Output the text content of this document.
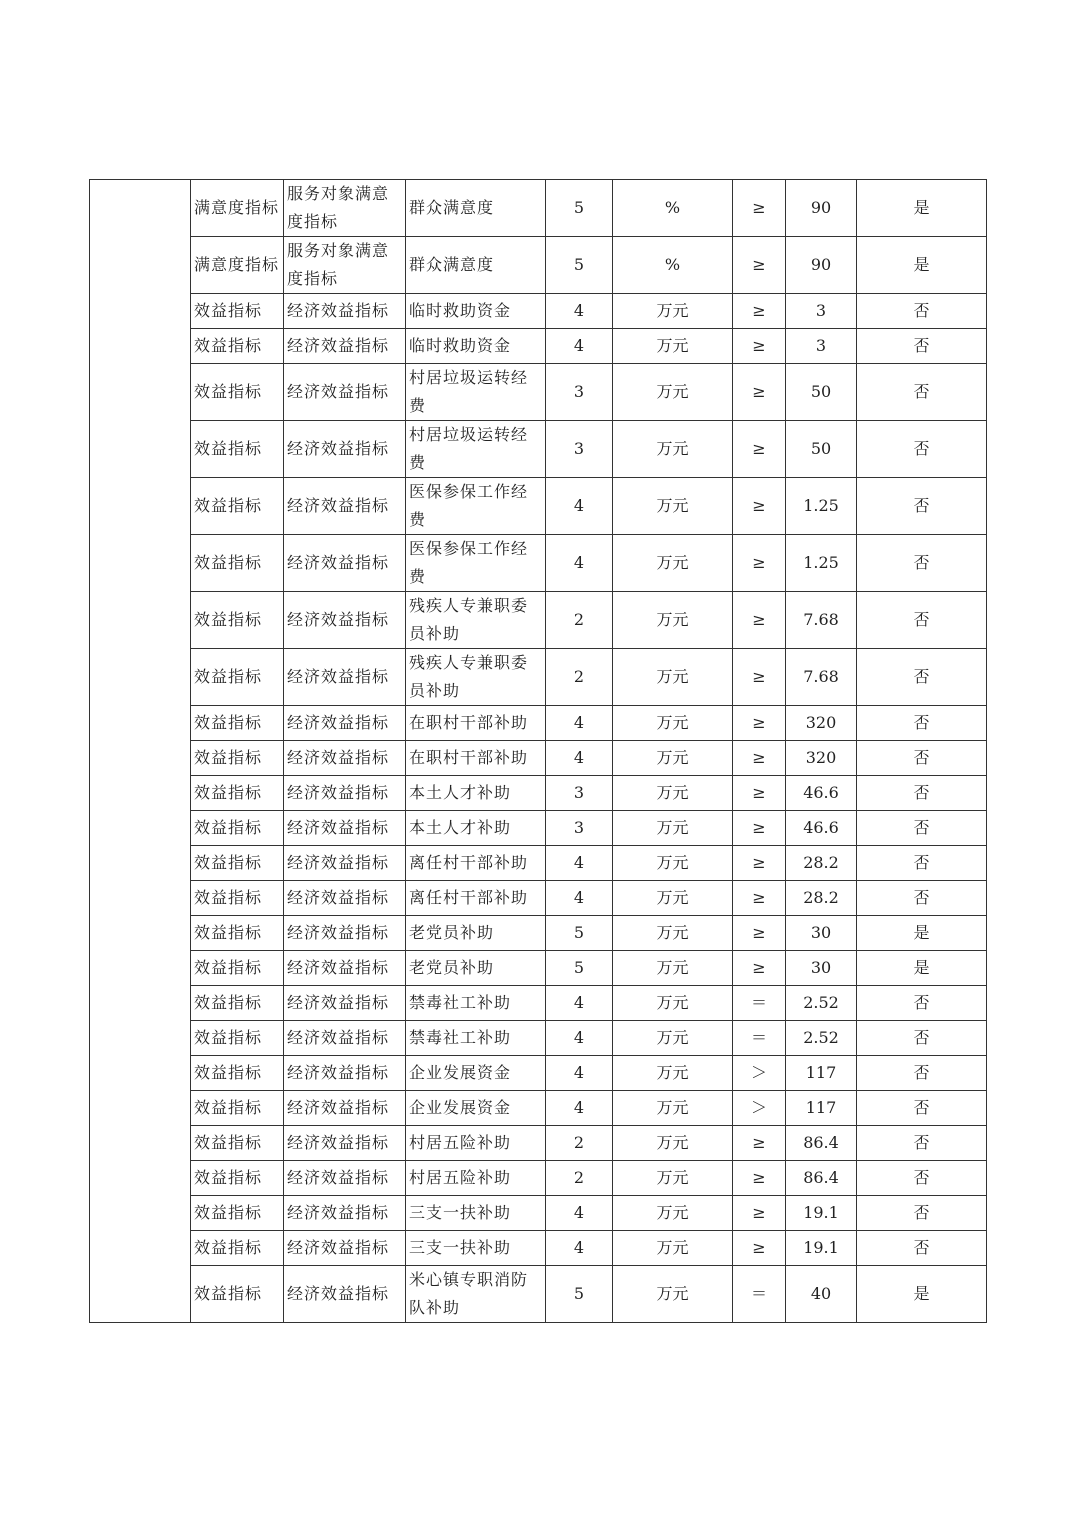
	满意度指标	服务对象满意度指标	群众满意度	5	%	≥	90	是
	满意度指标	服务对象满意度指标	群众满意度	5	%	≥	90	是
	效益指标	经济效益指标	临时救助资金	4	万元	≥	3	否
	效益指标	经济效益指标	临时救助资金	4	万元	≥	3	否
	效益指标	经济效益指标	村居垃圾运转经费	3	万元	≥	50	否
	效益指标	经济效益指标	村居垃圾运转经费	3	万元	≥	50	否
	效益指标	经济效益指标	医保参保工作经费	4	万元	≥	1.25	否
	效益指标	经济效益指标	医保参保工作经费	4	万元	≥	1.25	否
	效益指标	经济效益指标	残疾人专兼职委员补助	2	万元	≥	7.68	否
	效益指标	经济效益指标	残疾人专兼职委员补助	2	万元	≥	7.68	否
	效益指标	经济效益指标	在职村干部补助	4	万元	≥	320	否
	效益指标	经济效益指标	在职村干部补助	4	万元	≥	320	否
	效益指标	经济效益指标	本土人才补助	3	万元	≥	46.6	否
	效益指标	经济效益指标	本土人才补助	3	万元	≥	46.6	否
	效益指标	经济效益指标	离任村干部补助	4	万元	≥	28.2	否
	效益指标	经济效益指标	离任村干部补助	4	万元	≥	28.2	否
	效益指标	经济效益指标	老党员补助	5	万元	≥	30	是
	效益指标	经济效益指标	老党员补助	5	万元	≥	30	是
	效益指标	经济效益指标	禁毒社工补助	4	万元	＝	2.52	否
	效益指标	经济效益指标	禁毒社工补助	4	万元	＝	2.52	否
	效益指标	经济效益指标	企业发展资金	4	万元	＞	117	否
	效益指标	经济效益指标	企业发展资金	4	万元	＞	117	否
	效益指标	经济效益指标	村居五险补助	2	万元	≥	86.4	否
	效益指标	经济效益指标	村居五险补助	2	万元	≥	86.4	否
	效益指标	经济效益指标	三支一扶补助	4	万元	≥	19.1	否
	效益指标	经济效益指标	三支一扶补助	4	万元	≥	19.1	否
	效益指标	经济效益指标	米心镇专职消防队补助	5	万元	＝	40	是
